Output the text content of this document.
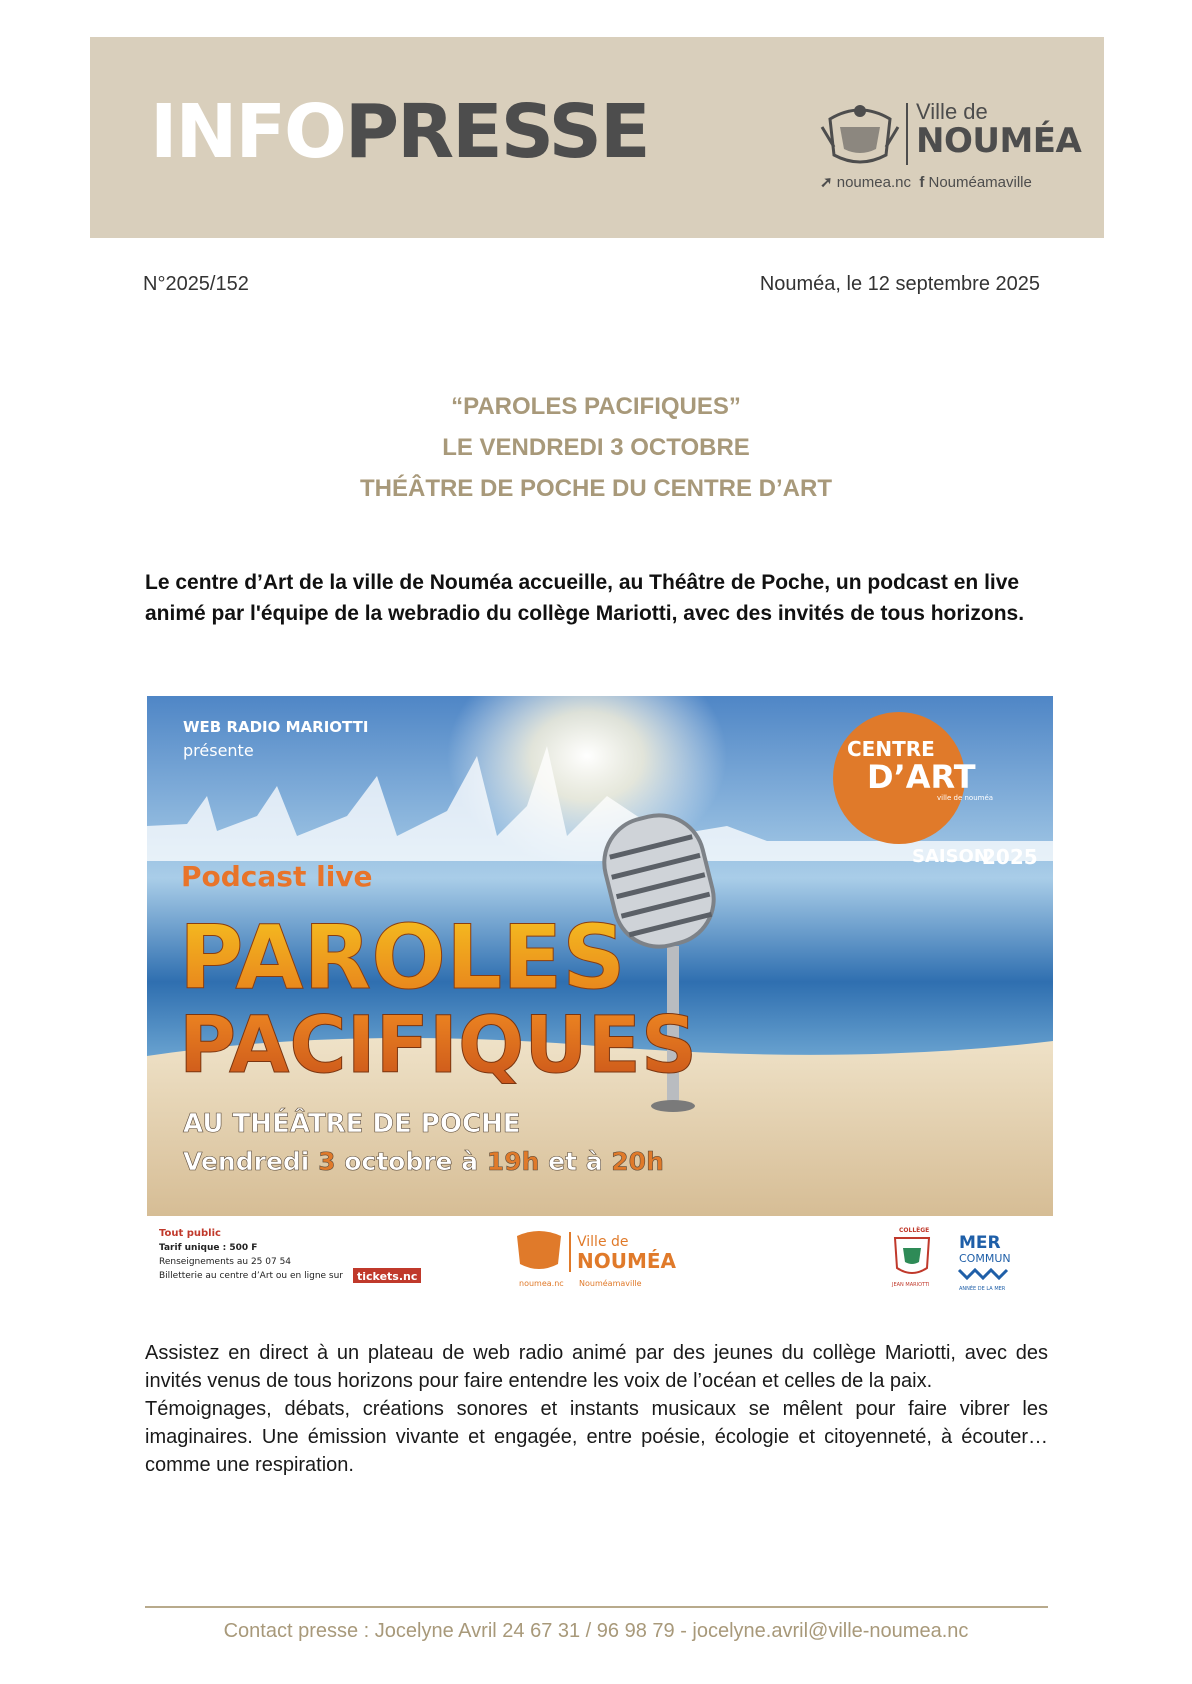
INFOPRESSE	Ville de
NOUMÉA
➚ noumea.nc f Nouméamaville
N°2025/152	Nouméa, le 12 septembre 2025
“PAROLES PACIFIQUES”
LE VENDREDI 3 OCTOBRE
THÉÂTRE DE POCHE DU CENTRE D’ART
Le centre d’Art de la ville de Nouméa accueille, au Théâtre de Poche, un podcast en live animé par l'équipe de la webradio du collège Mariotti, avec des invités de tous horizons.
CENTRE
D’ART
ville de nouméa
SAISON
2025
WEB RADIO MARIOTTI
présente
Podcast live
PAROLES
PACIFIQUES
AU THÉÂTRE DE POCHE
Vendredi 3 octobre à 19h et à 20h
Tout public
Tarif unique : 500 F
Renseignements au 25 07 54
Billetterie au centre d’Art ou en ligne sur tickets.nc
Ville de
NOUMÉA
noumea.nc Nouméamaville
COLLÈGE
JEAN MARIOTTI
MER
COMMUN
ANNÉE DE LA MER

Assistez en direct à un plateau de web radio animé par des jeunes du collège Mariotti, avec des invités venus de tous horizons pour faire entendre les voix de l’océan et celles de la paix.

Témoignages, débats, créations sonores et instants musicaux se mêlent pour faire vibrer les imaginaires. Une émission vivante et engagée, entre poésie, écologie et citoyenneté, à écouter… comme une respiration.

Contact presse : Jocelyne Avril 24 67 31 / 96 98 79 - jocelyne.avril@ville-noumea.nc
